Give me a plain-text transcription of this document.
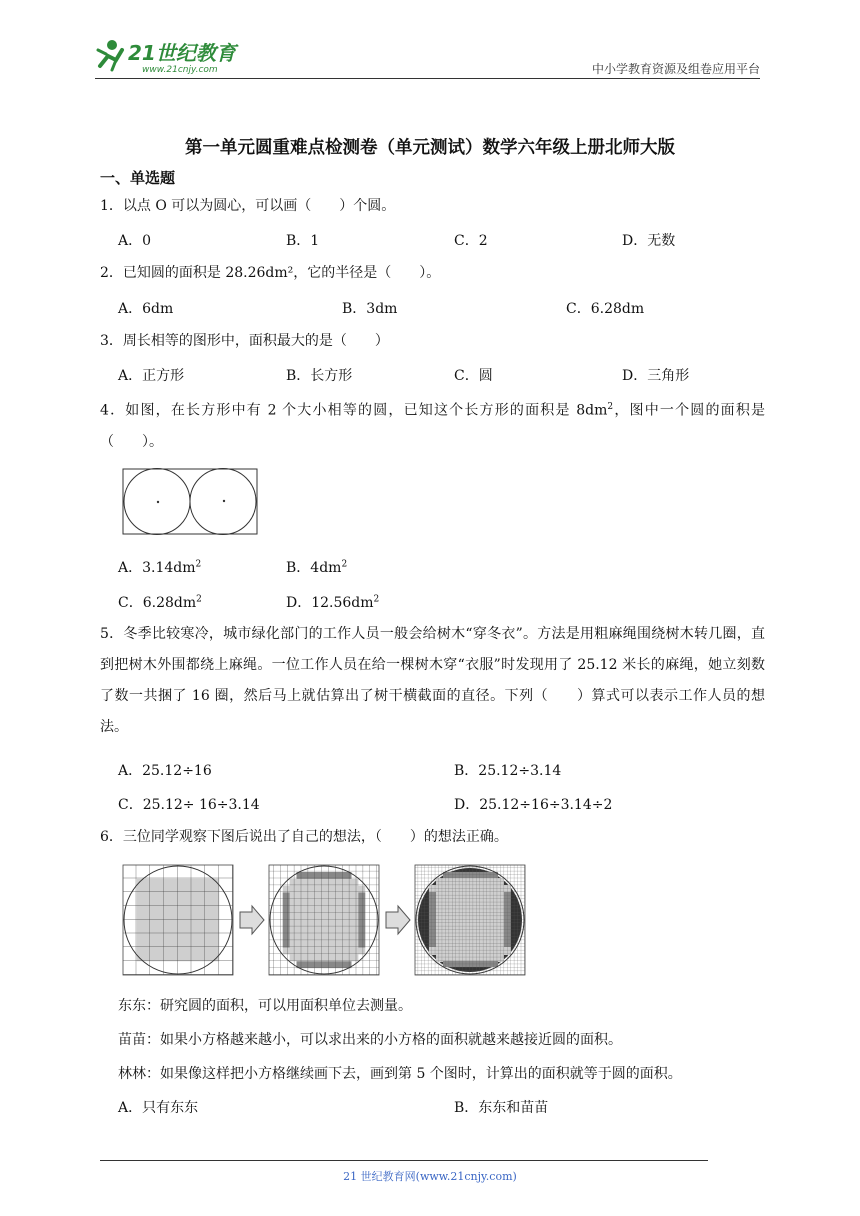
21世纪教育
www.21cnjy.com	中小学教育资源及组卷应用平台
第一单元圆重难点检测卷（单元测试）数学六年级上册北师大版
一、单选题
1．以点 O 可以为圆心，可以画（　　）个圆。
A．0	B．1	C．2	D．无数
2．已知圆的面积是 28.26dm²，它的半径是（　　）。
A．6dm	B．3dm	C．6.28dm
3．周长相等的图形中，面积最大的是（　　）
A．正方形	B．长方形	C．圆	D．三角形
4．如图，在长方形中有 2 个大小相等的圆，已知这个长方形的面积是 $8dm^2$，图中一个圆的面积是（　　）。
A．$3.14dm^2$	B．$4dm^2$
C．$6.28dm^2$	D．$12.56dm^2$
5．冬季比较寒冷，城市绿化部门的工作人员一般会给树木“穿冬衣”。方法是用粗麻绳围绕树木转几圈，直到把树木外围都绕上麻绳。一位工作人员在给一棵树木穿“衣服”时发现用了 25.12 米长的麻绳，她立刻数了数一共捆了 16 圈，然后马上就估算出了树干横截面的直径。下列（　　）算式可以表示工作人员的想法。
A．25.12÷16	B．25.12÷3.14
C．25.12÷ 16÷3.14	D．25.12÷16÷3.14÷2
6．三位同学观察下图后说出了自己的想法，（　　）的想法正确。
东东：研究圆的面积，可以用面积单位去测量。
苗苗：如果小方格越来越小，可以求出来的小方格的面积就越来越接近圆的面积。
林林：如果像这样把小方格继续画下去，画到第 5 个图时，计算出的面积就等于圆的面积。
A．只有东东	B．东东和苗苗
21 世纪教育网(www.21cnjy.com)
